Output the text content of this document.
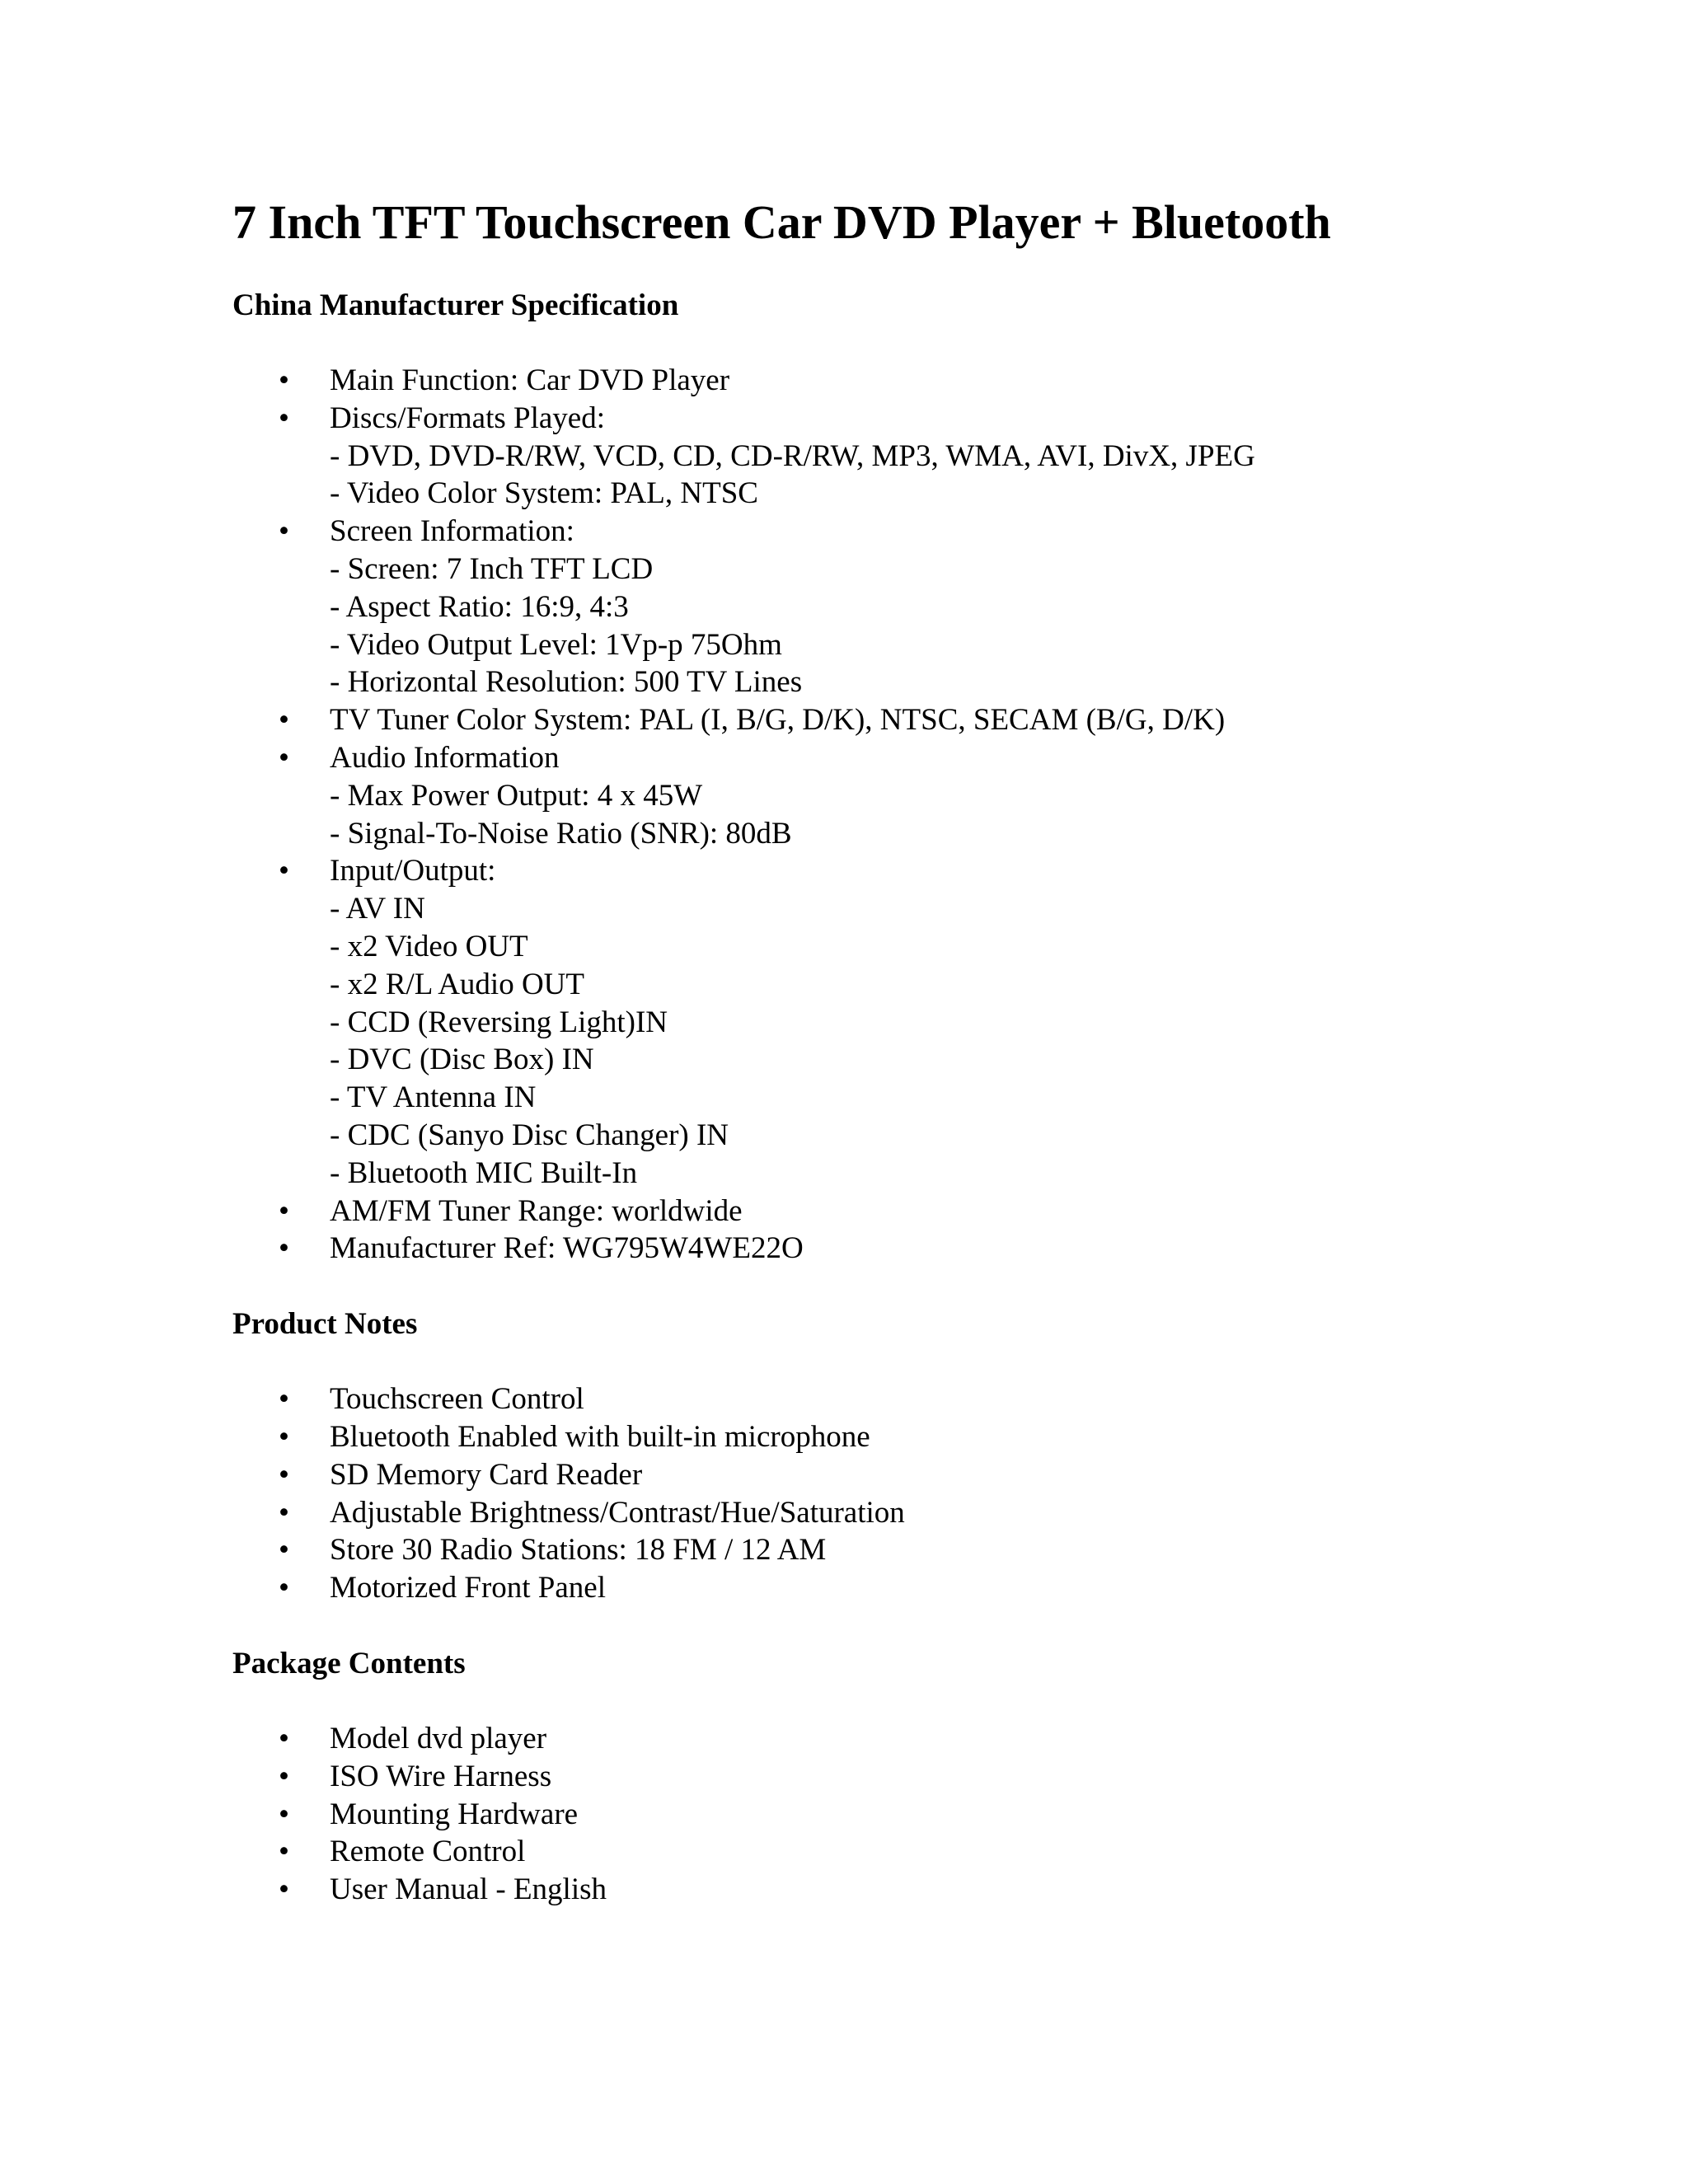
7 Inch TFT Touchscreen Car DVD Player + Bluetooth
China Manufacturer Specification
• Main Function: Car DVD Player
• Discs/Formats Played:
- DVD, DVD-R/RW, VCD, CD, CD-R/RW, MP3, WMA, AVI, DivX, JPEG
- Video Color System: PAL, NTSC
• Screen Information:
- Screen: 7 Inch TFT LCD
- Aspect Ratio: 16:9, 4:3
- Video Output Level: 1Vp-p 75Ohm
- Horizontal Resolution: 500 TV Lines
• TV Tuner Color System: PAL (I, B/G, D/K), NTSC, SECAM (B/G, D/K)
• Audio Information
- Max Power Output: 4 x 45W
- Signal-To-Noise Ratio (SNR): 80dB
• Input/Output:
- AV IN
- x2 Video OUT
- x2 R/L Audio OUT
- CCD (Reversing Light)IN
- DVC (Disc Box) IN
- TV Antenna IN
- CDC (Sanyo Disc Changer) IN
- Bluetooth MIC Built-In
• AM/FM Tuner Range: worldwide
• Manufacturer Ref: WG795W4WE22O
Product Notes
• Touchscreen Control
• Bluetooth Enabled with built-in microphone
• SD Memory Card Reader
• Adjustable Brightness/Contrast/Hue/Saturation
• Store 30 Radio Stations: 18 FM / 12 AM
• Motorized Front Panel
Package Contents
• Model dvd player
• ISO Wire Harness
• Mounting Hardware
• Remote Control
• User Manual - English
